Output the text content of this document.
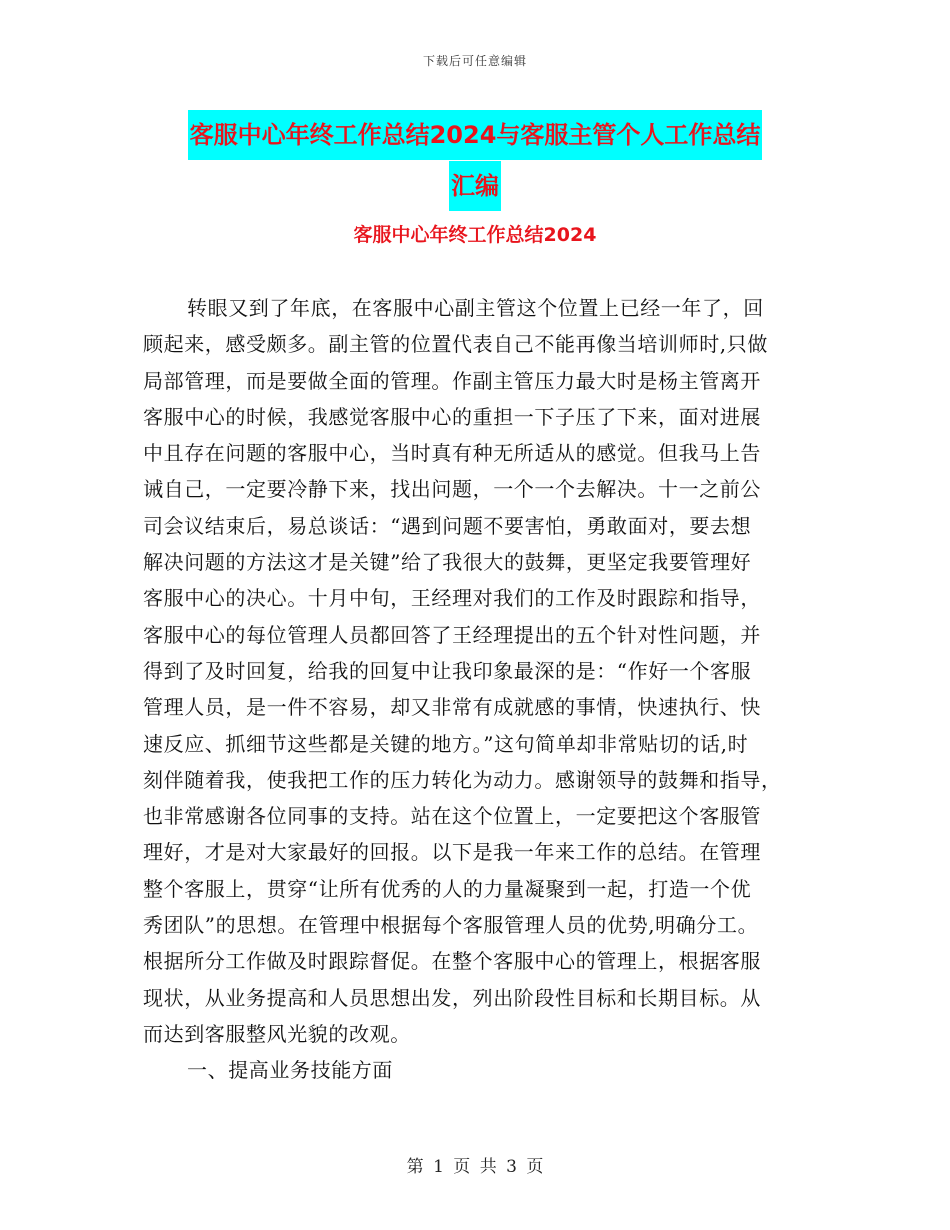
下载后可任意编辑
客服中心年终工作总结2024与客服主管个人工作总结
汇编
客服中心年终工作总结2024
转眼又到了年底，在客服中心副主管这个位置上已经一年了，回
顾起来，感受颇多。副主管的位置代表自己不能再像当培训师时,只做
局部管理，而是要做全面的管理。作副主管压力最大时是杨主管离开
客服中心的时候，我感觉客服中心的重担一下子压了下来，面对进展
中且存在问题的客服中心，当时真有种无所适从的感觉。但我马上告
诫自己，一定要冷静下来，找出问题，一个一个去解决。十一之前公
司会议结束后，易总谈话：“遇到问题不要害怕，勇敢面对，要去想
解决问题的方法这才是关键”给了我很大的鼓舞，更坚定我要管理好
客服中心的决心。十月中旬，王经理对我们的工作及时跟踪和指导，
客服中心的每位管理人员都回答了王经理提出的五个针对性问题，并
得到了及时回复，给我的回复中让我印象最深的是：“作好一个客服
管理人员，是一件不容易，却又非常有成就感的事情，快速执行、快
速反应、抓细节这些都是关键的地方。”这句简单却非常贴切的话,时
刻伴随着我，使我把工作的压力转化为动力。感谢领导的鼓舞和指导，
也非常感谢各位同事的支持。站在这个位置上，一定要把这个客服管
理好，才是对大家最好的回报。以下是我一年来工作的总结。在管理
整个客服上，贯穿“让所有优秀的人的力量凝聚到一起，打造一个优
秀团队”的思想。在管理中根据每个客服管理人员的优势,明确分工。
根据所分工作做及时跟踪督促。在整个客服中心的管理上，根据客服
现状，从业务提高和人员思想出发，列出阶段性目标和长期目标。从
而达到客服整风光貌的改观。
一、提高业务技能方面
第 1 页 共 3 页
